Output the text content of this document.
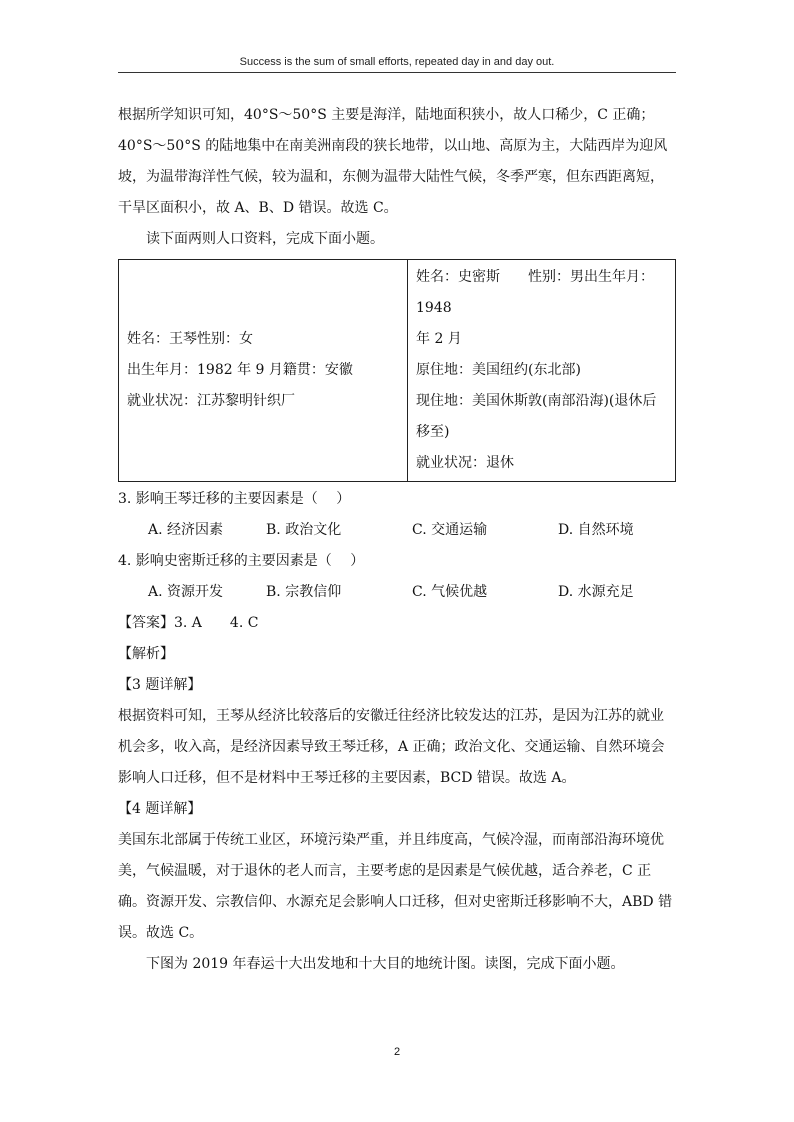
Success is the sum of small efforts, repeated day in and day out.

根据所学知识可知，40°S～50°S 主要是海洋，陆地面积狭小，故人口稀少，C 正确；

40°S～50°S 的陆地集中在南美洲南段的狭长地带，以山地、高原为主，大陆西岸为迎风

坡，为温带海洋性气候，较为温和，东侧为温带大陆性气候，冬季严寒，但东西距离短，

干旱区面积小，故 A、B、D 错误。故选 C。

读下面两则人口资料，完成下面小题。

姓名：王琴性别：女
出生年月：1982 年 9 月籍贯：安徽
就业状况：江苏黎明针织厂

姓名：史密斯　　性别：男出生年月：1948
年 2 月
原住地：美国纽约(东北部)
现住地：美国休斯敦(南部沿海)(退休后移至)
就业状况：退休

3. 影响王琴迁移的主要因素是（　 ）

A. 经济因素	B. 政治文化	C. 交通运输	D. 自然环境

4. 影响史密斯迁移的主要因素是（　 ）

A. 资源开发	B. 宗教信仰	C. 气候优越	D. 水源充足

【答案】3. A　　4. C

【解析】

【3 题详解】

根据资料可知，王琴从经济比较落后的安徽迁往经济比较发达的江苏，是因为江苏的就业

机会多，收入高，是经济因素导致王琴迁移，A 正确；政治文化、交通运输、自然环境会

影响人口迁移，但不是材料中王琴迁移的主要因素，BCD 错误。故选 A。

【4 题详解】

美国东北部属于传统工业区，环境污染严重，并且纬度高，气候冷湿，而南部沿海环境优

美，气候温暖，对于退休的老人而言，主要考虑的是因素是气候优越，适合养老，C 正

确。资源开发、宗教信仰、水源充足会影响人口迁移，但对史密斯迁移影响不大，ABD 错

误。故选 C。

下图为 2019 年春运十大出发地和十大目的地统计图。读图，完成下面小题。

2
